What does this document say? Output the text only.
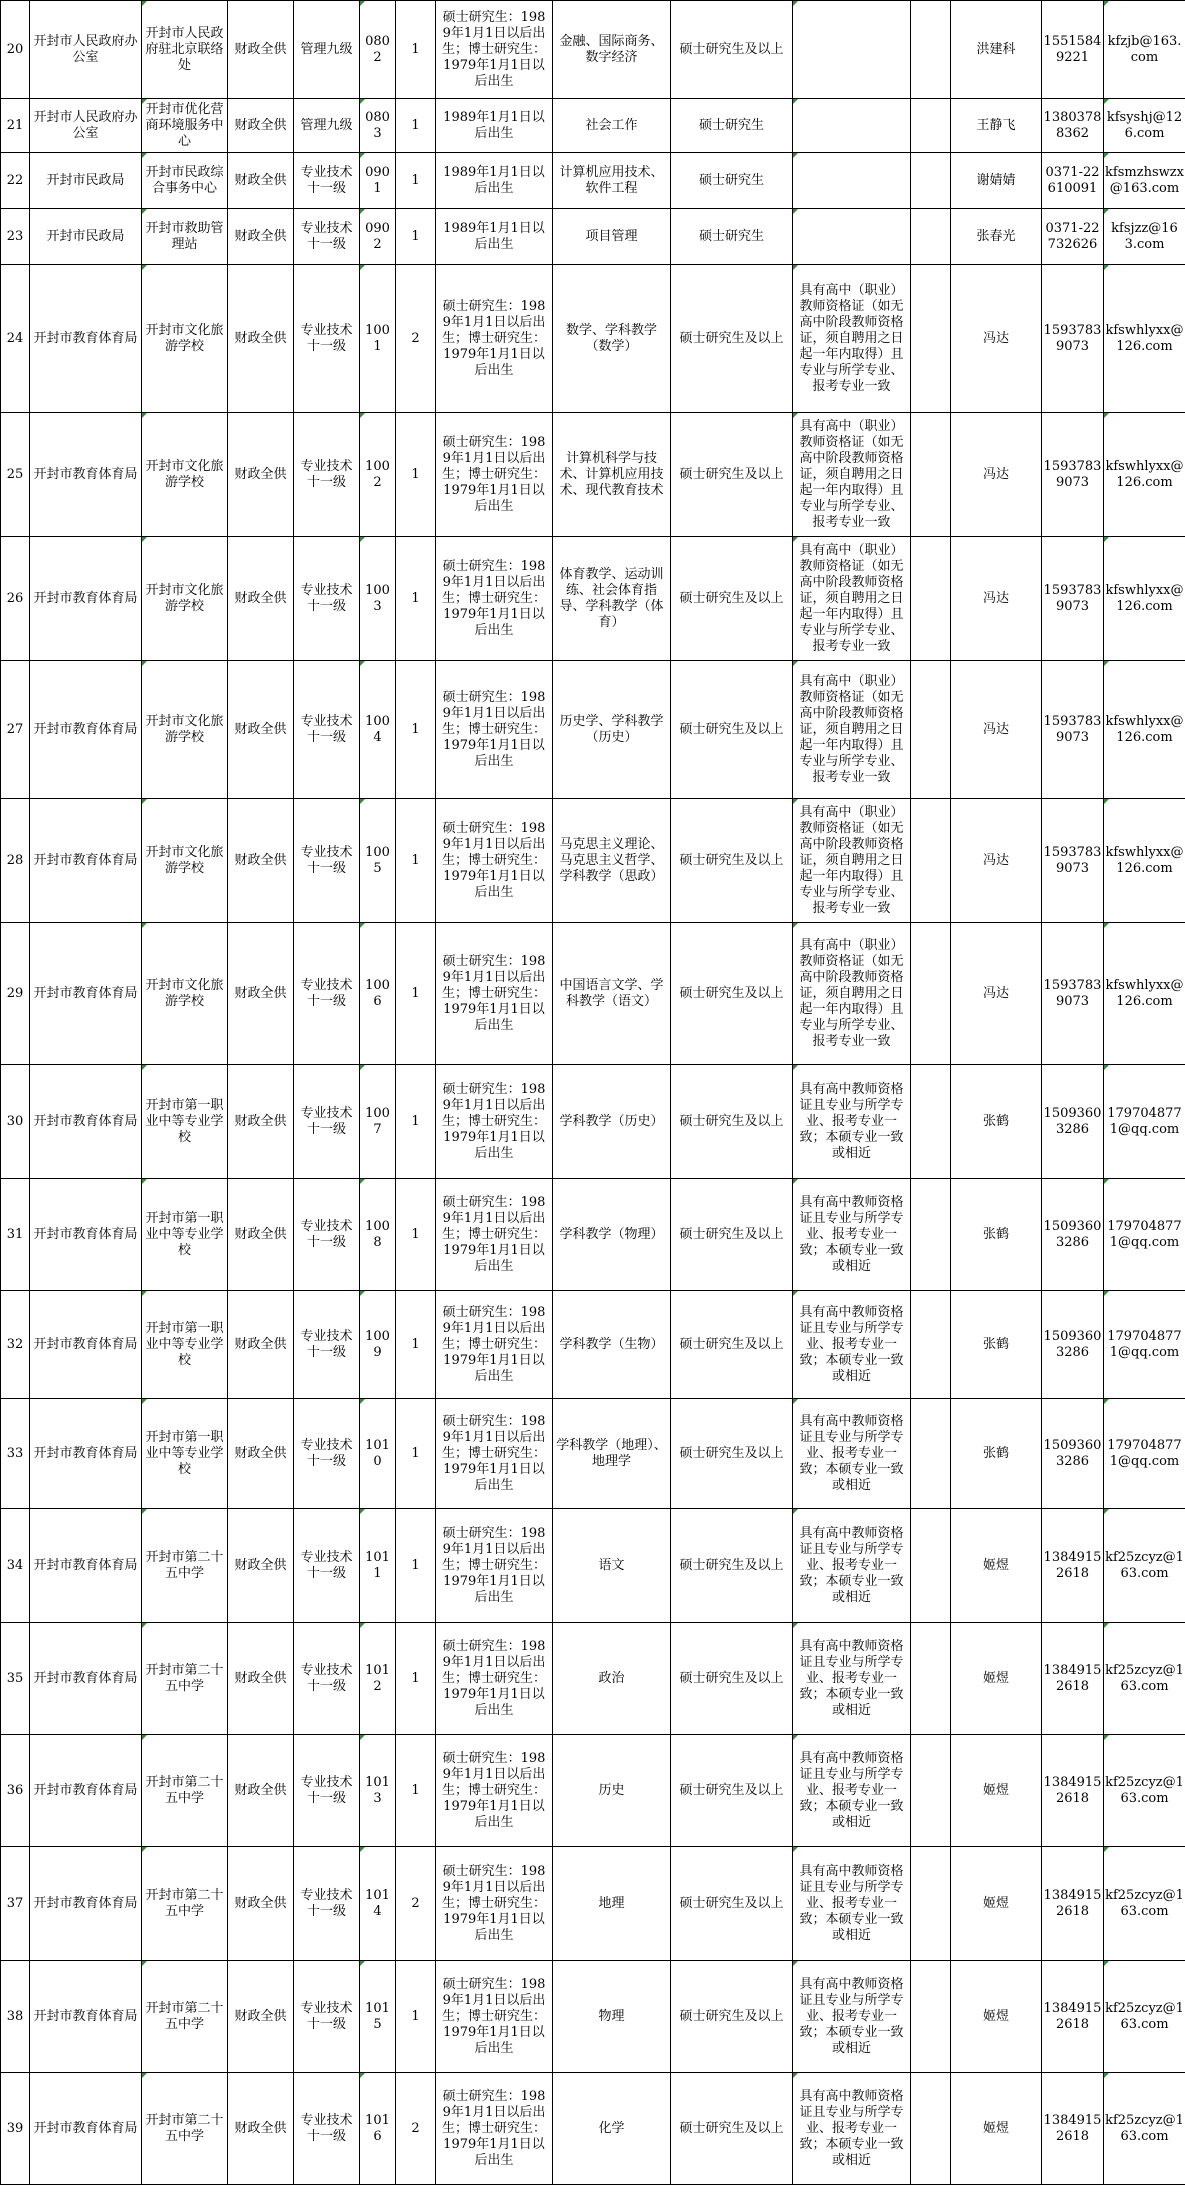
20	开封市人民政府办公室	开封市人民政府驻北京联络处	财政全供	管理九级	0802	1	硕士研究生：1989年1月1日以后出生；博士研究生：1979年1月1日以后出生	金融、国际商务、数字经济	硕士研究生及以上			洪建科	15515849221	kfzjb@163.com
21	开封市人民政府办公室	开封市优化营商环境服务中心	财政全供	管理九级	0803	1	1989年1月1日以后出生	社会工作	硕士研究生			王静飞	13803788362	kfsyshj@126.com
22	开封市民政局	开封市民政综合事务中心	财政全供	专业技术十一级	0901	1	1989年1月1日以后出生	计算机应用技术、软件工程	硕士研究生			谢婧婧	0371-22610091	kfsmzhswzx@163.com
23	开封市民政局	开封市救助管理站	财政全供	专业技术十一级	0902	1	1989年1月1日以后出生	项目管理	硕士研究生			张春光	0371-22732626	kfsjzz@163.com
24	开封市教育体育局	开封市文化旅游学校	财政全供	专业技术十一级	1001	2	硕士研究生：1989年1月1日以后出生；博士研究生：1979年1月1日以后出生	数学、学科教学（数学）	硕士研究生及以上	具有高中（职业）教师资格证（如无高中阶段教师资格证，须自聘用之日起一年内取得）且专业与所学专业、报考专业一致		冯达	15937839073	kfswhlyxx@126.com
25	开封市教育体育局	开封市文化旅游学校	财政全供	专业技术十一级	1002	1	硕士研究生：1989年1月1日以后出生；博士研究生：1979年1月1日以后出生	计算机科学与技术、计算机应用技术、现代教育技术	硕士研究生及以上	具有高中（职业）教师资格证（如无高中阶段教师资格证，须自聘用之日起一年内取得）且专业与所学专业、报考专业一致		冯达	15937839073	kfswhlyxx@126.com
26	开封市教育体育局	开封市文化旅游学校	财政全供	专业技术十一级	1003	1	硕士研究生：1989年1月1日以后出生；博士研究生：1979年1月1日以后出生	体育教学、运动训练、社会体育指导、学科教学（体育）	硕士研究生及以上	具有高中（职业）教师资格证（如无高中阶段教师资格证，须自聘用之日起一年内取得）且专业与所学专业、报考专业一致		冯达	15937839073	kfswhlyxx@126.com
27	开封市教育体育局	开封市文化旅游学校	财政全供	专业技术十一级	1004	1	硕士研究生：1989年1月1日以后出生；博士研究生：1979年1月1日以后出生	历史学、学科教学（历史）	硕士研究生及以上	具有高中（职业）教师资格证（如无高中阶段教师资格证，须自聘用之日起一年内取得）且专业与所学专业、报考专业一致		冯达	15937839073	kfswhlyxx@126.com
28	开封市教育体育局	开封市文化旅游学校	财政全供	专业技术十一级	1005	1	硕士研究生：1989年1月1日以后出生；博士研究生：1979年1月1日以后出生	马克思主义理论、马克思主义哲学、学科教学（思政）	硕士研究生及以上	具有高中（职业）教师资格证（如无高中阶段教师资格证，须自聘用之日起一年内取得）且专业与所学专业、报考专业一致		冯达	15937839073	kfswhlyxx@126.com
29	开封市教育体育局	开封市文化旅游学校	财政全供	专业技术十一级	1006	1	硕士研究生：1989年1月1日以后出生；博士研究生：1979年1月1日以后出生	中国语言文学、学科教学（语文）	硕士研究生及以上	具有高中（职业）教师资格证（如无高中阶段教师资格证，须自聘用之日起一年内取得）且专业与所学专业、报考专业一致		冯达	15937839073	kfswhlyxx@126.com
30	开封市教育体育局	开封市第一职业中等专业学校	财政全供	专业技术十一级	1007	1	硕士研究生：1989年1月1日以后出生；博士研究生：1979年1月1日以后出生	学科教学（历史）	硕士研究生及以上	具有高中教师资格证且专业与所学专业、报考专业一致；本硕专业一致或相近		张鹤	15093603286	1797048771@qq.com
31	开封市教育体育局	开封市第一职业中等专业学校	财政全供	专业技术十一级	1008	1	硕士研究生：1989年1月1日以后出生；博士研究生：1979年1月1日以后出生	学科教学（物理）	硕士研究生及以上	具有高中教师资格证且专业与所学专业、报考专业一致；本硕专业一致或相近		张鹤	15093603286	1797048771@qq.com
32	开封市教育体育局	开封市第一职业中等专业学校	财政全供	专业技术十一级	1009	1	硕士研究生：1989年1月1日以后出生；博士研究生：1979年1月1日以后出生	学科教学（生物）	硕士研究生及以上	具有高中教师资格证且专业与所学专业、报考专业一致；本硕专业一致或相近		张鹤	15093603286	1797048771@qq.com
33	开封市教育体育局	开封市第一职业中等专业学校	财政全供	专业技术十一级	1010	1	硕士研究生：1989年1月1日以后出生；博士研究生：1979年1月1日以后出生	学科教学（地理）、地理学	硕士研究生及以上	具有高中教师资格证且专业与所学专业、报考专业一致；本硕专业一致或相近		张鹤	15093603286	1797048771@qq.com
34	开封市教育体育局	开封市第二十五中学	财政全供	专业技术十一级	1011	1	硕士研究生：1989年1月1日以后出生；博士研究生：1979年1月1日以后出生	语文	硕士研究生及以上	具有高中教师资格证且专业与所学专业、报考专业一致；本硕专业一致或相近		姬煜	13849152618	kf25zcyz@163.com
35	开封市教育体育局	开封市第二十五中学	财政全供	专业技术十一级	1012	1	硕士研究生：1989年1月1日以后出生；博士研究生：1979年1月1日以后出生	政治	硕士研究生及以上	具有高中教师资格证且专业与所学专业、报考专业一致；本硕专业一致或相近		姬煜	13849152618	kf25zcyz@163.com
36	开封市教育体育局	开封市第二十五中学	财政全供	专业技术十一级	1013	1	硕士研究生：1989年1月1日以后出生；博士研究生：1979年1月1日以后出生	历史	硕士研究生及以上	具有高中教师资格证且专业与所学专业、报考专业一致；本硕专业一致或相近		姬煜	13849152618	kf25zcyz@163.com
37	开封市教育体育局	开封市第二十五中学	财政全供	专业技术十一级	1014	2	硕士研究生：1989年1月1日以后出生；博士研究生：1979年1月1日以后出生	地理	硕士研究生及以上	具有高中教师资格证且专业与所学专业、报考专业一致；本硕专业一致或相近		姬煜	13849152618	kf25zcyz@163.com
38	开封市教育体育局	开封市第二十五中学	财政全供	专业技术十一级	1015	1	硕士研究生：1989年1月1日以后出生；博士研究生：1979年1月1日以后出生	物理	硕士研究生及以上	具有高中教师资格证且专业与所学专业、报考专业一致；本硕专业一致或相近		姬煜	13849152618	kf25zcyz@163.com
39	开封市教育体育局	开封市第二十五中学	财政全供	专业技术十一级	1016	2	硕士研究生：1989年1月1日以后出生；博士研究生：1979年1月1日以后出生	化学	硕士研究生及以上	具有高中教师资格证且专业与所学专业、报考专业一致；本硕专业一致或相近		姬煜	13849152618	kf25zcyz@163.com
